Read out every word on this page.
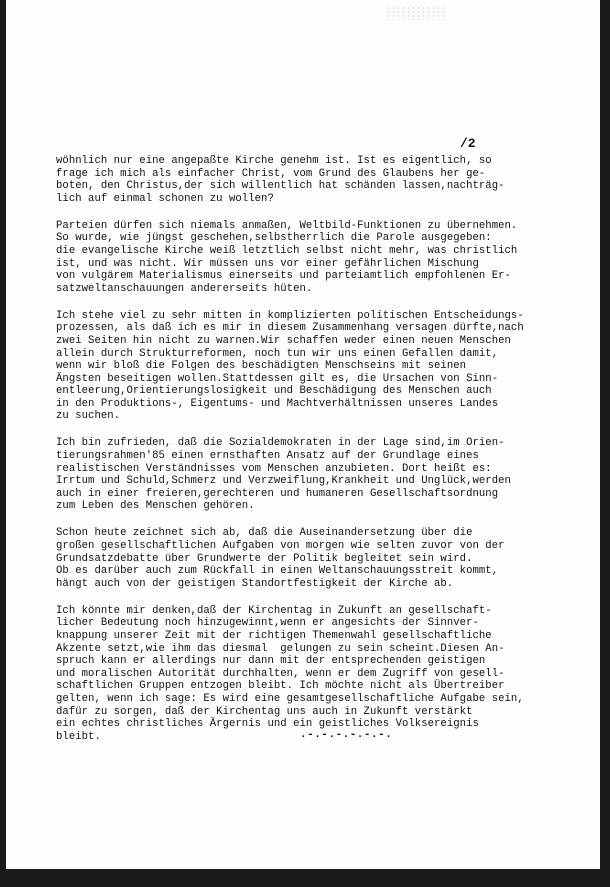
/2
wöhnlich nur eine angepaßte Kirche genehm ist. Ist es eigentlich, so
frage ich mich als einfacher Christ, vom Grund des Glaubens her ge-
boten, den Christus,der sich willentlich hat schänden lassen,nachträg-
lich auf einmal schonen zu wollen?
Parteien dürfen sich niemals anmaßen, Weltbild-Funktionen zu übernehmen.
So wurde, wie jüngst geschehen,selbstherrlich die Parole ausgegeben:
die evangelische Kirche weiß letztlich selbst nicht mehr, was christlich
ist, und was nicht. Wir müssen uns vor einer gefährlichen Mischung
von vulgärem Materialismus einerseits und parteiamtlich empfohlenen Er-
satzweltanschauungen andererseits hüten.
Ich stehe viel zu sehr mitten in komplizierten politischen Entscheidungs-
prozessen, als daß ich es mir in diesem Zusammenhang versagen dürfte,nach
zwei Seiten hin nicht zu warnen.Wir schaffen weder einen neuen Menschen
allein durch Strukturreformen, noch tun wir uns einen Gefallen damit,
wenn wir bloß die Folgen des beschädigten Menschseins mit seinen
Ängsten beseitigen wollen.Stattdessen gilt es, die Ursachen von Sinn-
entleerung,Orientierungslosigkeit und Beschädigung des Menschen auch
in den Produktions-, Eigentums- und Machtverhältnissen unseres Landes
zu suchen.
Ich bin zufrieden, daß die Sozialdemokraten in der Lage sind,im Orien-
tierungsrahmen'85 einen ernsthaften Ansatz auf der Grundlage eines
realistischen Verständnisses vom Menschen anzubieten. Dort heißt es:
Irrtum und Schuld,Schmerz und Verzweiflung,Krankheit und Unglück,werden
auch in einer freieren,gerechteren und humaneren Gesellschaftsordnung
zum Leben des Menschen gehören.
Schon heute zeichnet sich ab, daß die Auseinandersetzung über die
großen gesellschaftlichen Aufgaben von morgen wie selten zuvor von der
Grundsatzdebatte über Grundwerte der Politik begleitet sein wird.
Ob es darüber auch zum Rückfall in einen Weltanschauungsstreit kommt,
hängt auch von der geistigen Standortfestigkeit der Kirche ab.
Ich könnte mir denken,daß der Kirchentag in Zukunft an gesellschaft-
licher Bedeutung noch hinzugewinnt,wenn er angesichts der Sinnver-
knappung unserer Zeit mit der richtigen Themenwahl gesellschaftliche
Akzente setzt,wie ihm das diesmal  gelungen zu sein scheint.Diesen An-
spruch kann er allerdings nur dann mit der entsprechenden geistigen
und moralischen Autorität durchhalten, wenn er dem Zugriff von gesell-
schaftlichen Gruppen entzogen bleibt. Ich möchte nicht als Übertreiber
gelten, wenn ich sage: Es wird eine gesamtgesellschaftliche Aufgabe sein,
dafür zu sorgen, daß der Kirchentag uns auch in Zukunft verstärkt
ein echtes christliches Ärgernis und ein geistliches Volksereignis
bleibt.	.-.-.-.-.-.-.
